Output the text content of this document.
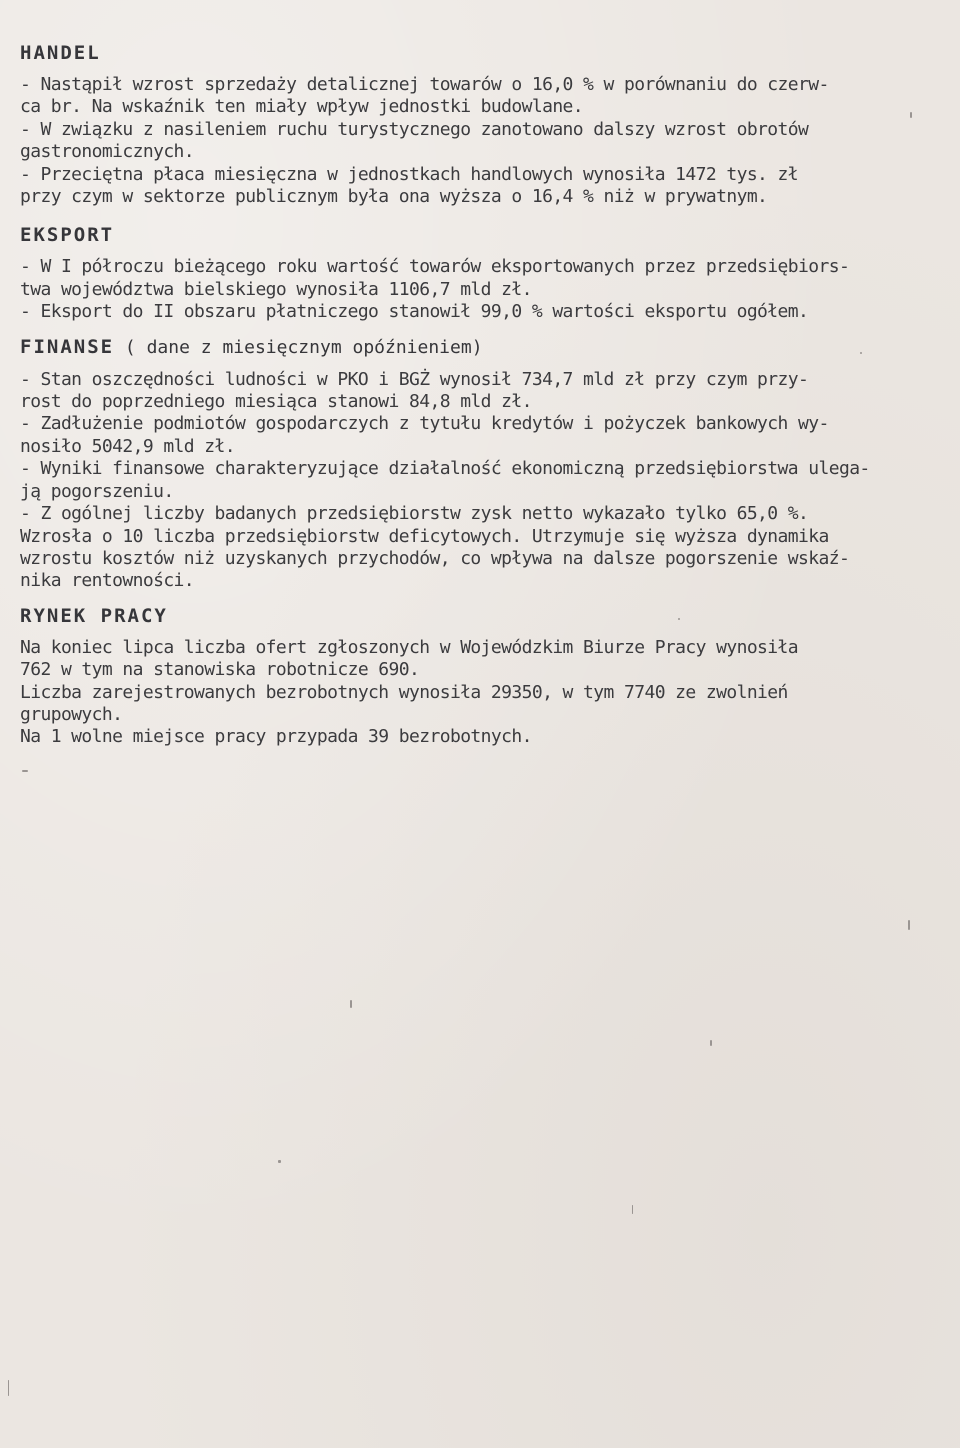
HANDEL

- Nastąpił wzrost sprzedaży detalicznej towarów o 16,0 % w porównaniu do czerw-

ca br. Na wskaźnik ten miały wpływ jednostki budowlane.

- W związku z nasileniem ruchu turystycznego zanotowano dalszy wzrost obrotów

gastronomicznych.

- Przeciętna płaca miesięczna w jednostkach handlowych wynosiła 1472 tys. zł

przy czym w sektorze publicznym była ona wyższa o 16,4 % niż w prywatnym.

EKSPORT

- W I półroczu bieżącego roku wartość towarów eksportowanych przez przedsiębiors-

twa województwa bielskiego wynosiła 1106,7 mld zł.

- Eksport do II obszaru płatniczego stanowił 99,0 % wartości eksportu ogółem.

FINANSE ( dane z miesięcznym opóźnieniem)

- Stan oszczędności ludności w PKO i BGŻ wynosił 734,7 mld zł przy czym przy-

rost do poprzedniego miesiąca stanowi 84,8 mld zł.

- Zadłużenie podmiotów gospodarczych z tytułu kredytów i pożyczek bankowych wy-

nosiło 5042,9 mld zł.

- Wyniki finansowe charakteryzujące działalność ekonomiczną przedsiębiorstwa ulega-

ją pogorszeniu.

- Z ogólnej liczby badanych przedsiębiorstw zysk netto wykazało tylko 65,0 %.

Wzrosła o 10 liczba przedsiębiorstw deficytowych. Utrzymuje się wyższa dynamika

wzrostu kosztów niż uzyskanych przychodów, co wpływa na dalsze pogorszenie wskaź-

nika rentowności.

RYNEK PRACY

Na koniec lipca liczba ofert zgłoszonych w Wojewódzkim Biurze Pracy wynosiła

762 w tym na stanowiska robotnicze 690.

Liczba zarejestrowanych bezrobotnych wynosiła 29350, w tym 7740 ze zwolnień

grupowych.

Na 1 wolne miejsce pracy przypada 39 bezrobotnych.
